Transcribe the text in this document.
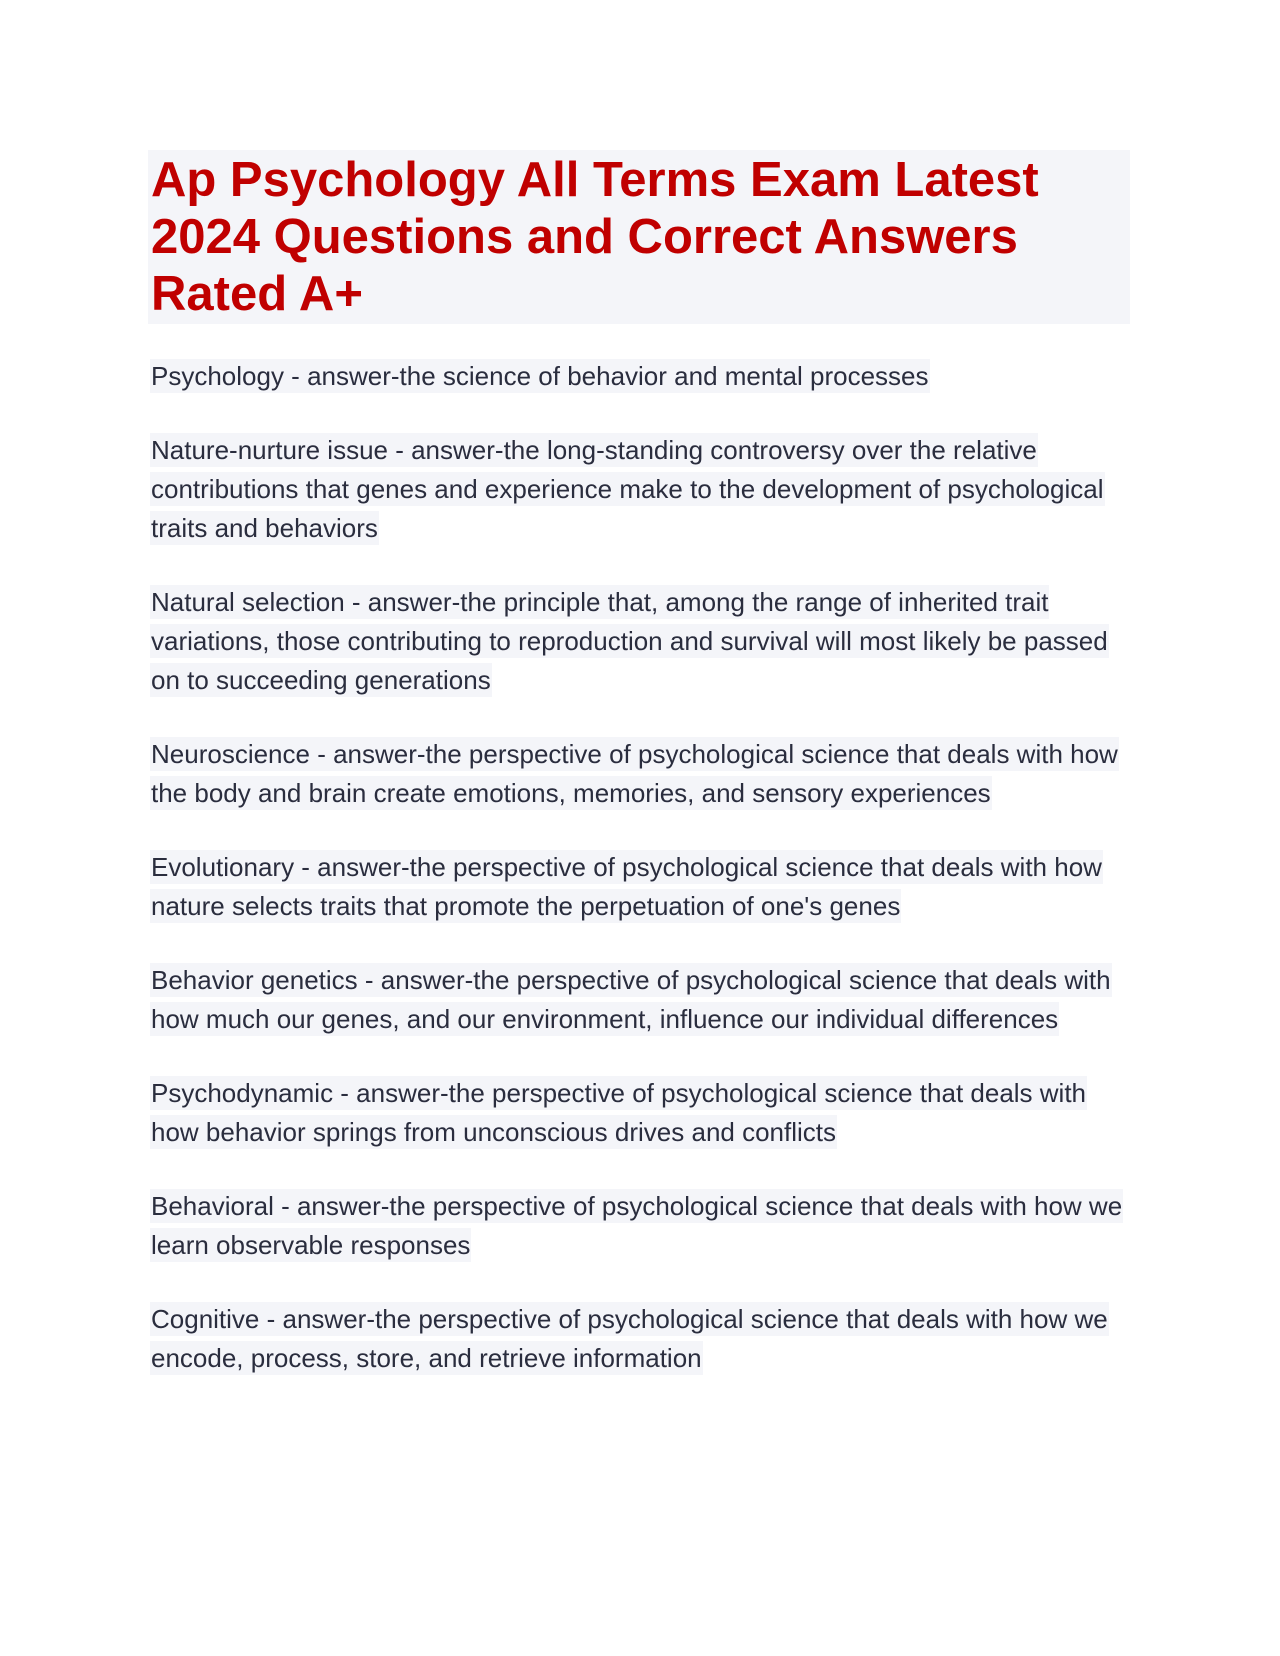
Ap Psychology All Terms Exam Latest 2024 Questions and Correct Answers Rated A+

Psychology - answer-the science of behavior and mental processes

Nature-nurture issue - answer-the long-standing controversy over the relative contributions that genes and experience make to the development of psychological traits and behaviors

Natural selection - answer-the principle that, among the range of inherited trait variations, those contributing to reproduction and survival will most likely be passed on to succeeding generations

Neuroscience - answer-the perspective of psychological science that deals with how the body and brain create emotions, memories, and sensory experiences

Evolutionary - answer-the perspective of psychological science that deals with how nature selects traits that promote the perpetuation of one's genes

Behavior genetics - answer-the perspective of psychological science that deals with how much our genes, and our environment, influence our individual differences

Psychodynamic - answer-the perspective of psychological science that deals with how behavior springs from unconscious drives and conflicts

Behavioral - answer-the perspective of psychological science that deals with how we learn observable responses

Cognitive - answer-the perspective of psychological science that deals with how we encode, process, store, and retrieve information
